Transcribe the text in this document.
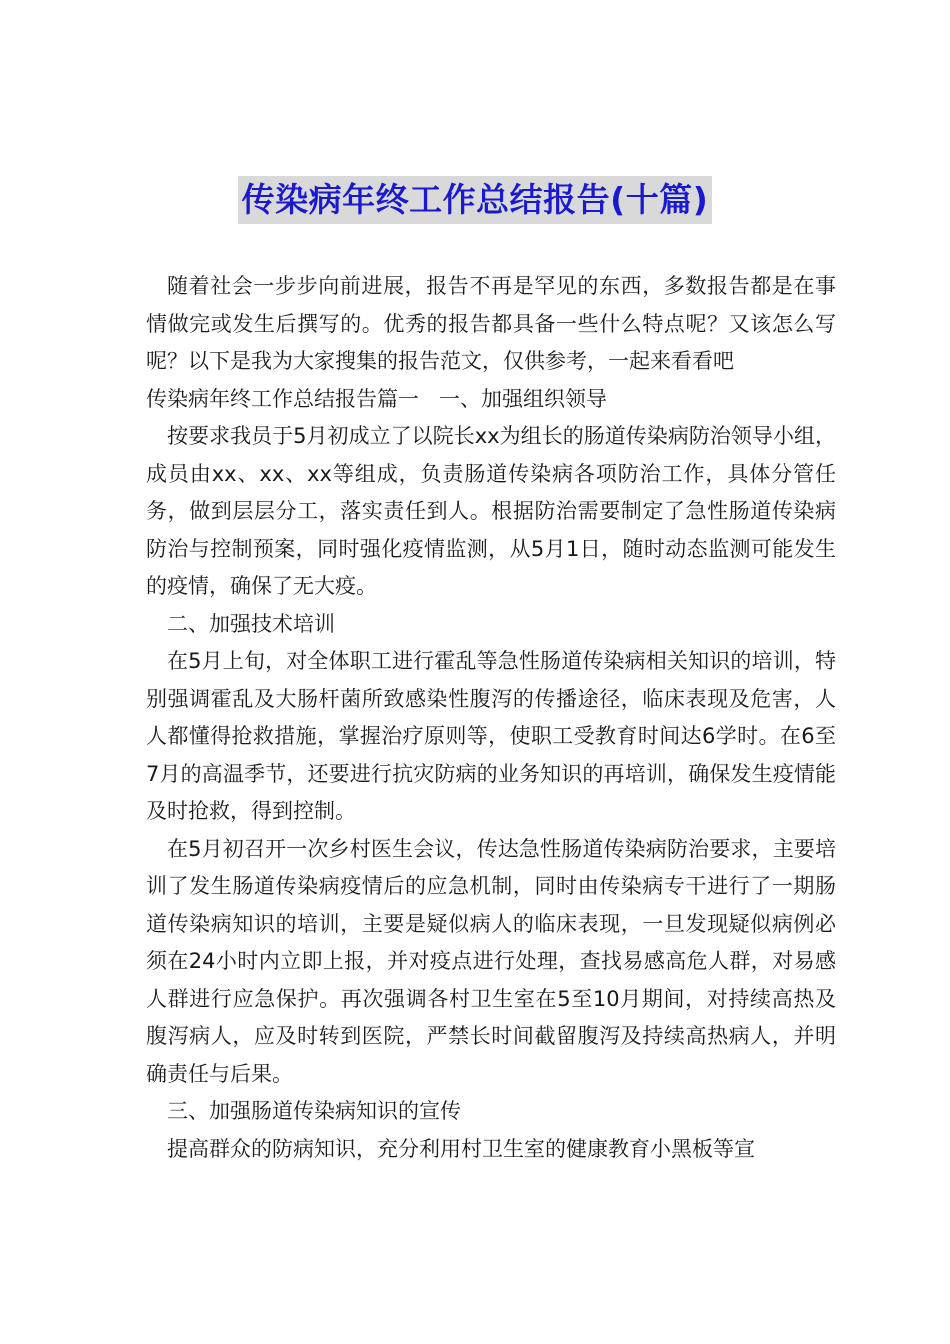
传染病年终工作总结报告(十篇)

随着社会一步步向前进展，报告不再是罕见的东西，多数报告都是在事情做完或发生后撰写的。优秀的报告都具备一些什么特点呢？又该怎么写呢？以下是我为大家搜集的报告范文，仅供参考，一起来看看吧

传染病年终工作总结报告篇一   一、加强组织领导

按要求我员于5月初成立了以院长xx为组长的肠道传染病防治领导小组，成员由xx、xx、xx等组成，负责肠道传染病各项防治工作，具体分管任务，做到层层分工，落实责任到人。根据防治需要制定了急性肠道传染病防治与控制预案，同时强化疫情监测，从5月1日，随时动态监测可能发生的疫情，确保了无大疫。

二、加强技术培训

在5月上旬，对全体职工进行霍乱等急性肠道传染病相关知识的培训，特别强调霍乱及大肠杆菌所致感染性腹泻的传播途径，临床表现及危害，人人都懂得抢救措施，掌握治疗原则等，使职工受教育时间达6学时。在6至7月的高温季节，还要进行抗灾防病的业务知识的再培训，确保发生疫情能及时抢救，得到控制。

在5月初召开一次乡村医生会议，传达急性肠道传染病防治要求，主要培训了发生肠道传染病疫情后的应急机制，同时由传染病专干进行了一期肠道传染病知识的培训，主要是疑似病人的临床表现，一旦发现疑似病例必须在24小时内立即上报，并对疫点进行处理，查找易感高危人群，对易感人群进行应急保护。再次强调各村卫生室在5至10月期间，对持续高热及腹泻病人，应及时转到医院，严禁长时间截留腹泻及持续高热病人，并明确责任与后果。

三、加强肠道传染病知识的宣传

提高群众的防病知识，充分利用村卫生室的健康教育小黑板等宣
